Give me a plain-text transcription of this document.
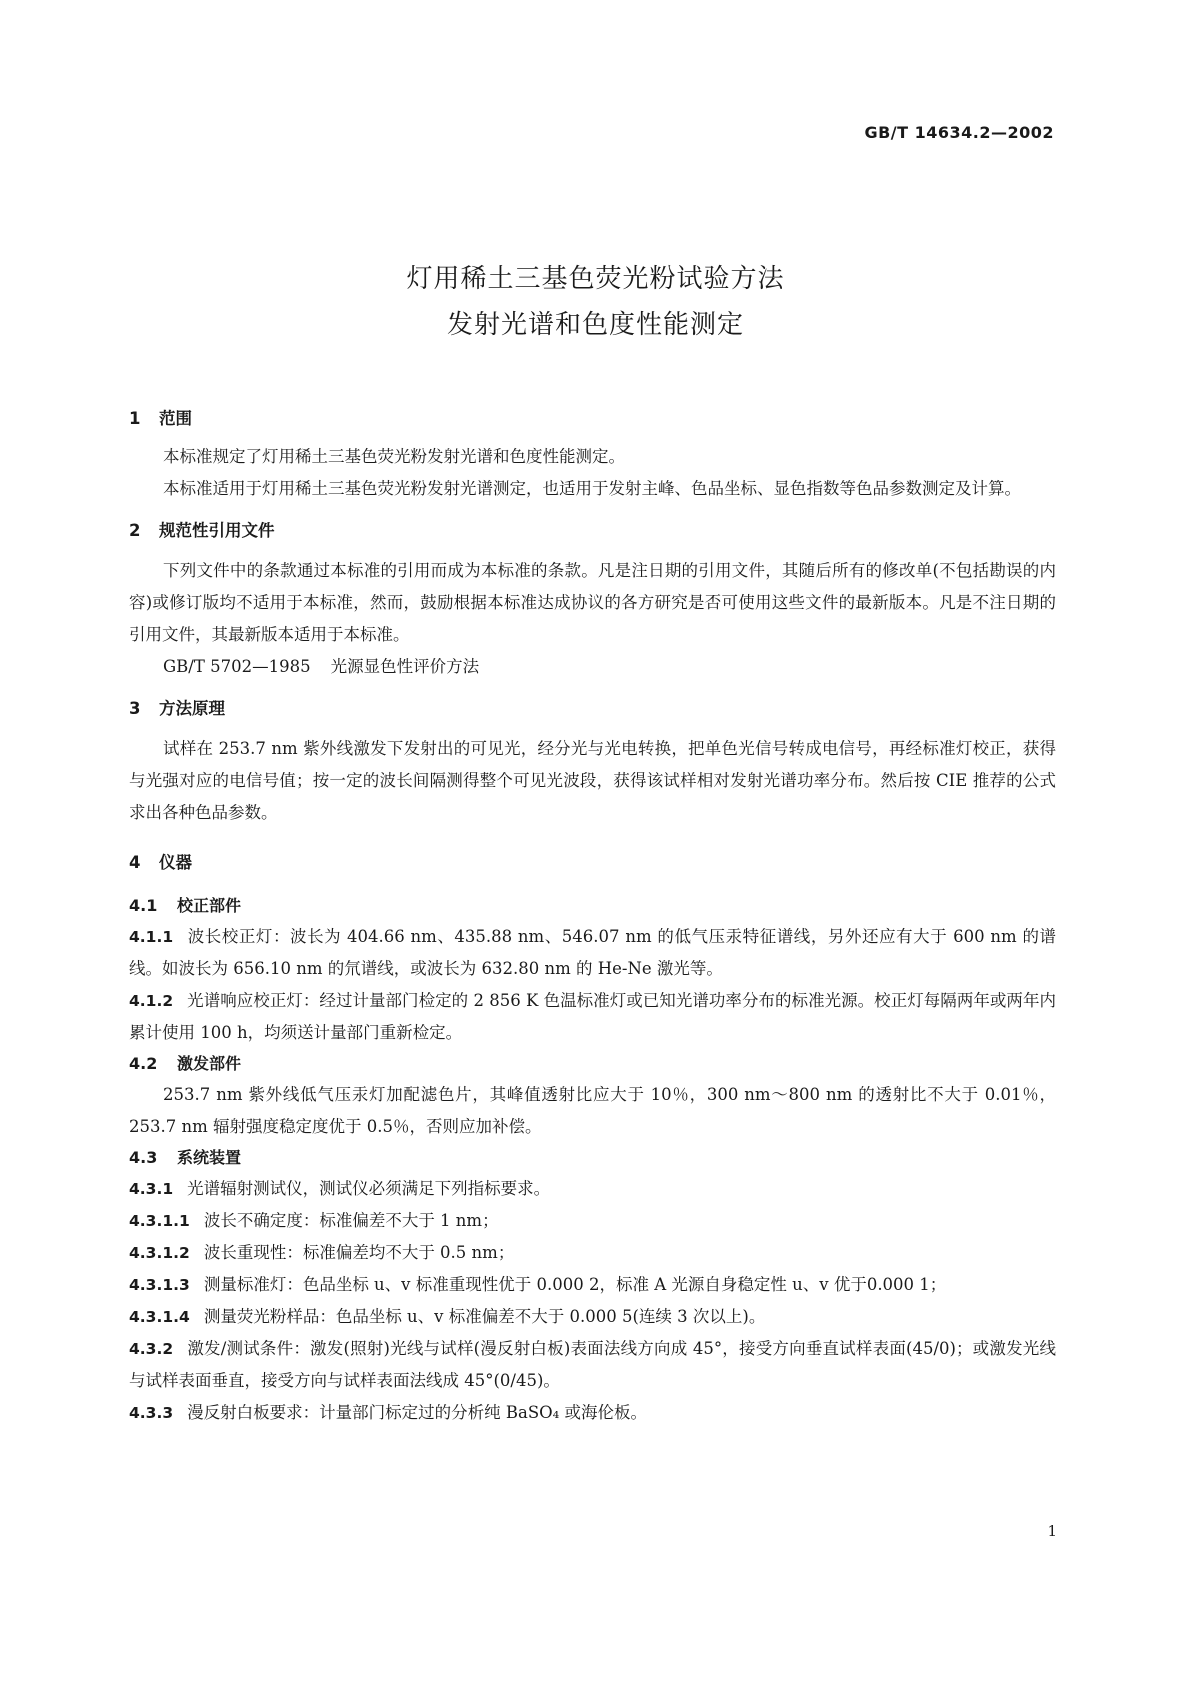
GB/T 14634.2—2002
灯用稀土三基色荧光粉试验方法
发射光谱和色度性能测定
1 范围

本标准规定了灯用稀土三基色荧光粉发射光谱和色度性能测定。

本标准适用于灯用稀土三基色荧光粉发射光谱测定，也适用于发射主峰、色品坐标、显色指数等色品参数测定及计算。

2 规范性引用文件

下列文件中的条款通过本标准的引用而成为本标准的条款。凡是注日期的引用文件，其随后所有的修改单(不包括勘误的内容)或修订版均不适用于本标准，然而，鼓励根据本标准达成协议的各方研究是否可使用这些文件的最新版本。凡是不注日期的引用文件，其最新版本适用于本标准。

GB/T 5702—1985 光源显色性评价方法

3 方法原理

试样在 253.7 nm 紫外线激发下发射出的可见光，经分光与光电转换，把单色光信号转成电信号，再经标准灯校正，获得与光强对应的电信号值；按一定的波长间隔测得整个可见光波段，获得该试样相对发射光谱功率分布。然后按 CIE 推荐的公式求出各种色品参数。

4 仪器
4.1 校正部件

4.1.1 波长校正灯：波长为 404.66 nm、435.88 nm、546.07 nm 的低气压汞特征谱线，另外还应有大于 600 nm 的谱线。如波长为 656.10 nm 的氘谱线，或波长为 632.80 nm 的 He-Ne 激光等。

4.1.2 光谱响应校正灯：经过计量部门检定的 2 856 K 色温标准灯或已知光谱功率分布的标准光源。校正灯每隔两年或两年内累计使用 100 h，均须送计量部门重新检定。

4.2 激发部件

253.7 nm 紫外线低气压汞灯加配滤色片，其峰值透射比应大于 10％，300 nm～800 nm 的透射比不大于 0.01％，253.7 nm 辐射强度稳定度优于 0.5％，否则应加补偿。

4.3 系统装置

4.3.1 光谱辐射测试仪，测试仪必须满足下列指标要求。

4.3.1.1 波长不确定度：标准偏差不大于 1 nm；

4.3.1.2 波长重现性：标准偏差均不大于 0.5 nm；

4.3.1.3 测量标准灯：色品坐标 u、v 标准重现性优于 0.000 2，标准 A 光源自身稳定性 u、v 优于0.000 1；

4.3.1.4 测量荧光粉样品：色品坐标 u、v 标准偏差不大于 0.000 5(连续 3 次以上)。

4.3.2 激发/测试条件：激发(照射)光线与试样(漫反射白板)表面法线方向成 45°，接受方向垂直试样表面(45/0)；或激发光线与试样表面垂直，接受方向与试样表面法线成 45°(0/45)。

4.3.3 漫反射白板要求：计量部门标定过的分析纯 BaSO₄ 或海伦板。

1
